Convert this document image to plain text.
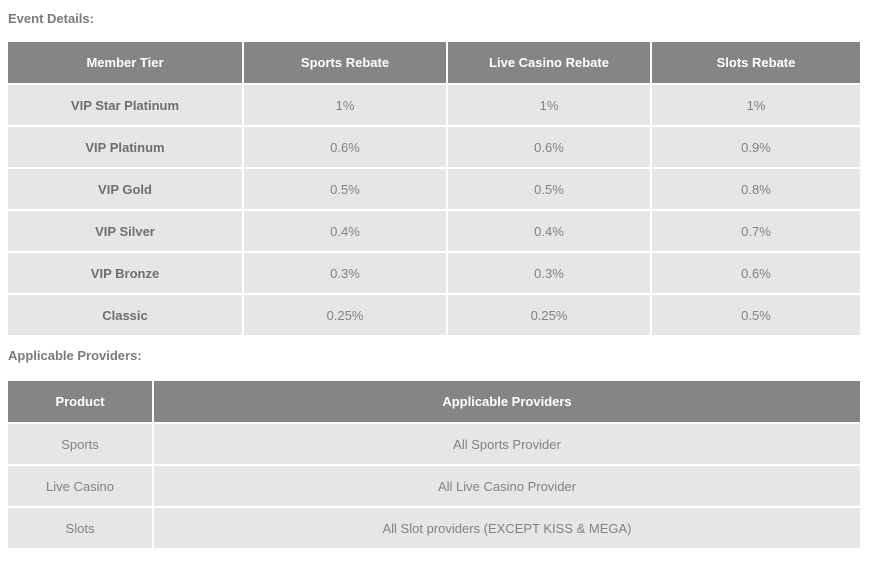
Event Details:
Member Tier	Sports Rebate	Live Casino Rebate	Slots Rebate
VIP Star Platinum	1%	1%	1%
VIP Platinum	0.6%	0.6%	0.9%
VIP Gold	0.5%	0.5%	0.8%
VIP Silver	0.4%	0.4%	0.7%
VIP Bronze	0.3%	0.3%	0.6%
Classic	0.25%	0.25%	0.5%
Applicable Providers:
Product	Applicable Providers
Sports	All Sports Provider
Live Casino	All Live Casino Provider
Slots	All Slot providers (EXCEPT KISS & MEGA)
